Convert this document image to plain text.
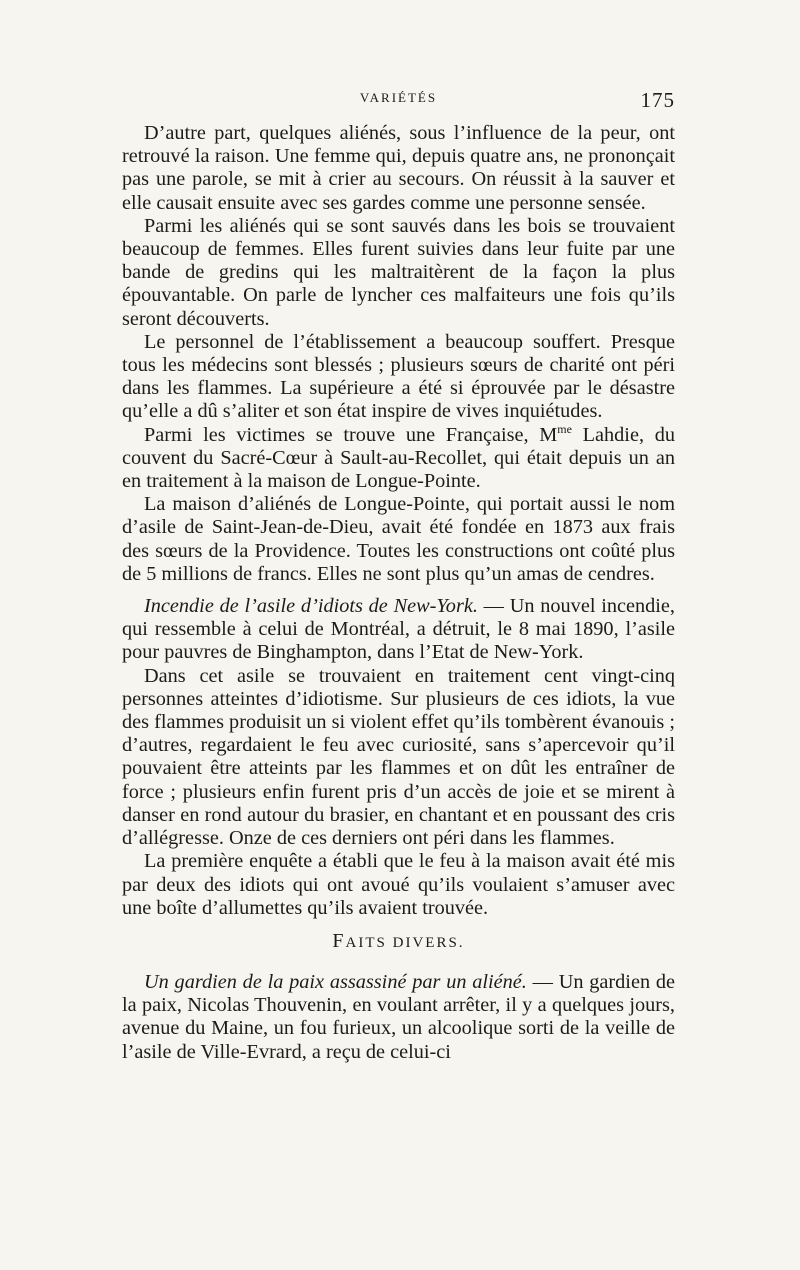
VARIÉTÉS	175

D’autre part, quelques aliénés, sous l’influence de la peur, ont retrouvé la raison. Une femme qui, depuis quatre ans, ne prononçait pas une parole, se mit à crier au secours. On réussit à la sauver et elle causait ensuite avec ses gardes comme une personne sensée.

Parmi les aliénés qui se sont sauvés dans les bois se trouvaient beaucoup de femmes. Elles furent suivies dans leur fuite par une bande de gredins qui les maltraitèrent de la façon la plus épouvantable. On parle de lyncher ces malfaiteurs une fois qu’ils seront découverts.

Le personnel de l’établissement a beaucoup souffert. Presque tous les médecins sont blessés ; plusieurs sœurs de charité ont péri dans les flammes. La supérieure a été si éprouvée par le désastre qu’elle a dû s’aliter et son état inspire de vives inquiétudes.

Parmi les victimes se trouve une Française, $M^{me}$ Lahdie, du couvent du Sacré-Cœur à Sault-au-Recollet, qui était depuis un an en traitement à la maison de Longue-Pointe.

La maison d’aliénés de Longue-Pointe, qui portait aussi le nom d’asile de Saint-Jean-de-Dieu, avait été fondée en 1873 aux frais des sœurs de la Providence. Toutes les constructions ont coûté plus de 5 millions de francs. Elles ne sont plus qu’un amas de cendres.

Incendie de l’asile d’idiots de New-York. — Un nouvel incendie, qui ressemble à celui de Montréal, a détruit, le 8 mai 1890, l’asile pour pauvres de Binghampton, dans l’Etat de New-York.

Dans cet asile se trouvaient en traitement cent vingt-cinq personnes atteintes d’idiotisme. Sur plusieurs de ces idiots, la vue des flammes produisit un si violent effet qu’ils tombèrent évanouis ; d’autres, regardaient le feu avec curiosité, sans s’apercevoir qu’il pouvaient être atteints par les flammes et on dût les entraîner de force ; plusieurs enfin furent pris d’un accès de joie et se mirent à danser en rond autour du brasier, en chantant et en poussant des cris d’allégresse. Onze de ces derniers ont péri dans les flammes.

La première enquête a établi que le feu à la maison avait été mis par deux des idiots qui ont avoué qu’ils voulaient s’amuser avec une boîte d’allumettes qu’ils avaient trouvée.

FAITS DIVERS.

Un gardien de la paix assassiné par un aliéné. — Un gardien de la paix, Nicolas Thouvenin, en voulant arrêter, il y a quelques jours, avenue du Maine, un fou furieux, un alcoolique sorti de la veille de l’asile de Ville-Evrard, a reçu de celui-ci
